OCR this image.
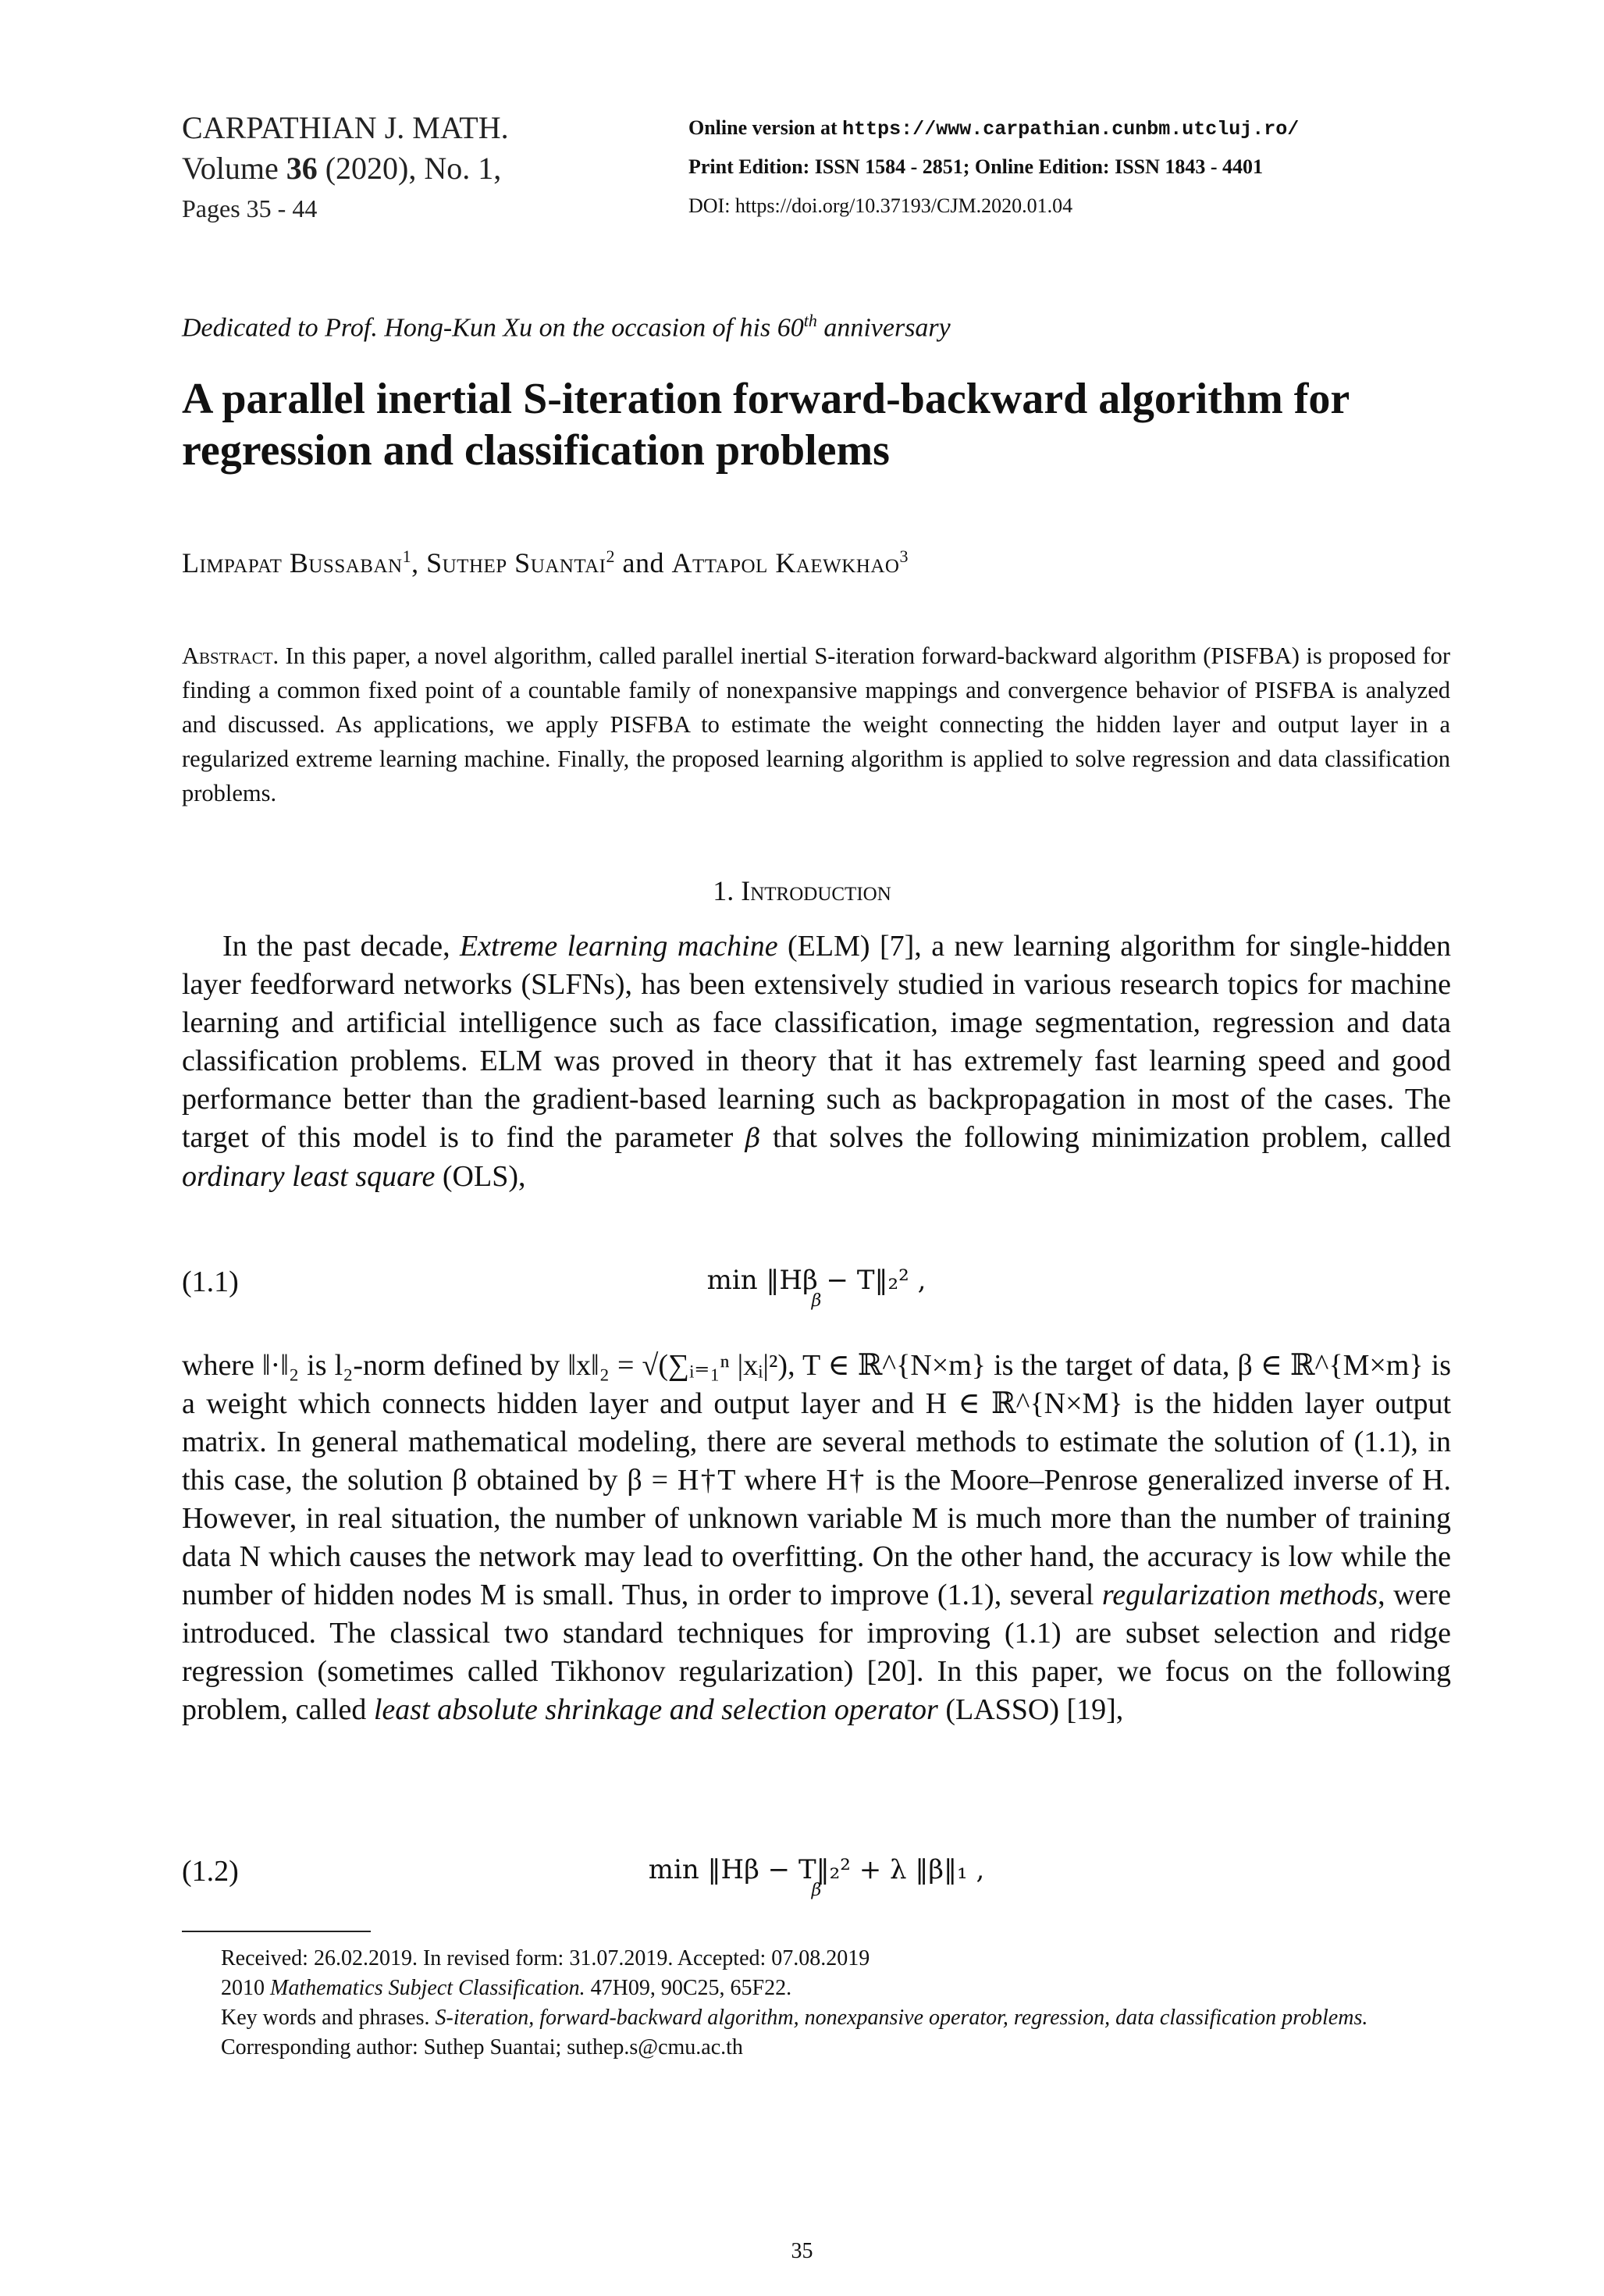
CARPATHIAN J. MATH.
Volume 36 (2020), No. 1,
Pages 35 - 44
Online version at https://www.carpathian.cunbm.utcluj.ro/
Print Edition: ISSN 1584 - 2851; Online Edition: ISSN 1843 - 4401
DOI: https://doi.org/10.37193/CJM.2020.01.04
Dedicated to Prof. Hong-Kun Xu on the occasion of his 60th anniversary
A parallel inertial S-iteration forward-backward algorithm for regression and classification problems
Limpapat Bussaban$^1$, Suthep Suantai$^2$ and Attapol Kaewkhao$^3$
Abstract. In this paper, a novel algorithm, called parallel inertial S-iteration forward-backward algorithm (PISFBA) is proposed for finding a common fixed point of a countable family of nonexpansive mappings and convergence behavior of PISFBA is analyzed and discussed. As applications, we apply PISFBA to estimate the weight connecting the hidden layer and output layer in a regularized extreme learning machine. Finally, the proposed learning algorithm is applied to solve regression and data classification problems.
1. Introduction

In the past decade, Extreme learning machine (ELM) [7], a new learning algorithm for single-hidden layer feedforward networks (SLFNs), has been extensively studied in various research topics for machine learning and artificial intelligence such as face classification, image segmentation, regression and data classification problems. ELM was proved in theory that it has extremely fast learning speed and good performance better than the gradient-based learning such as backpropagation in most of the cases. The target of this model is to find the parameter β that solves the following minimization problem, called ordinary least square (OLS),

(1.1)	min ‖Hβ − T‖₂² ,
β

where ‖·‖₂ is l₂-norm defined by ‖x‖₂ = √(∑ᵢ₌₁ⁿ |xᵢ|²), T ∈ ℝ^{N×m} is the target of data, β ∈ ℝ^{M×m} is a weight which connects hidden layer and output layer and H ∈ ℝ^{N×M} is the hidden layer output matrix. In general mathematical modeling, there are several methods to estimate the solution of (1.1), in this case, the solution β obtained by β = H†T where H† is the Moore–Penrose generalized inverse of H. However, in real situation, the number of unknown variable M is much more than the number of training data N which causes the network may lead to overfitting. On the other hand, the accuracy is low while the number of hidden nodes M is small. Thus, in order to improve (1.1), several regularization methods, were introduced. The classical two standard techniques for improving (1.1) are subset selection and ridge regression (sometimes called Tikhonov regularization) [20]. In this paper, we focus on the following problem, called least absolute shrinkage and selection operator (LASSO) [19],

(1.2)	min ‖Hβ − T‖₂² + λ ‖β‖₁ ,
β

Received: 26.02.2019. In revised form: 31.07.2019. Accepted: 07.08.2019

2010 Mathematics Subject Classification. 47H09, 90C25, 65F22.

Key words and phrases. S-iteration, forward-backward algorithm, nonexpansive operator, regression, data classification problems.

Corresponding author: Suthep Suantai; suthep.s@cmu.ac.th

35
